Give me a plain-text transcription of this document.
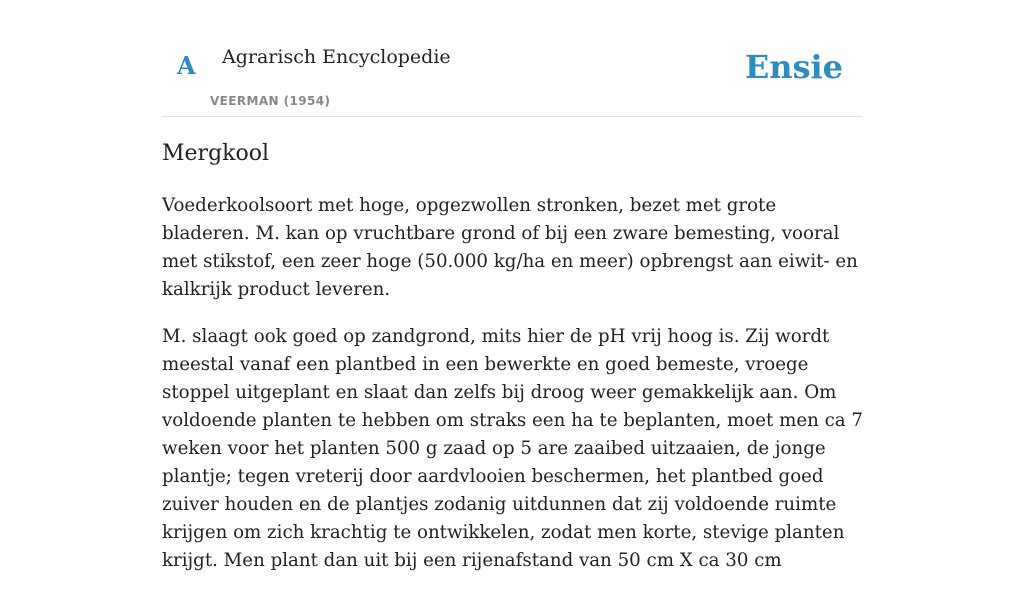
A Agrarisch Encyclopedie
VEERMAN (1954)
Ensie
Mergkool

Voederkoolsoort met hoge, opgezwollen stronken, bezet met grote bladeren. M. kan op vruchtbare grond of bij een zware bemesting, vooral met stikstof, een zeer hoge (50.000 kg/ha en meer) opbrengst aan eiwit- en kalkrijk product leveren.

M. slaagt ook goed op zandgrond, mits hier de pH vrij hoog is. Zij wordt meestal vanaf een plantbed in een bewerkte en goed bemeste, vroege stoppel uitgeplant en slaat dan zelfs bij droog weer gemakkelijk aan. Om voldoende planten te hebben om straks een ha te beplanten, moet men ca 7 weken voor het planten 500 g zaad op 5 are zaaibed uitzaaien, de jonge plantje; tegen vreterij door aardvlooien beschermen, het plantbed goed zuiver houden en de plantjes zodanig uitdunnen dat zij voldoende ruimte krijgen om zich krachtig te ontwikkelen, zodat men korte, stevige planten krijgt. Men plant dan uit bij een rijenafstand van 50 cm X ca 30 cm
